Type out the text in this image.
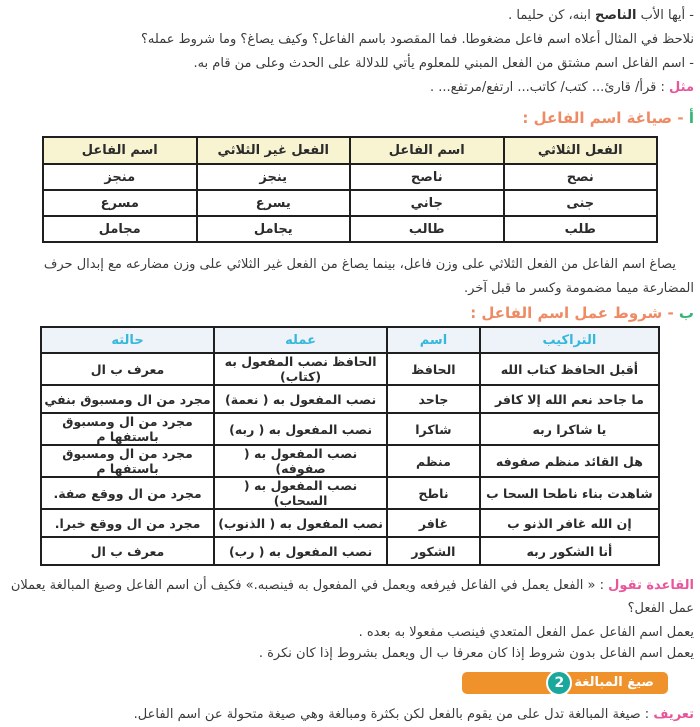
- أيها الأب الناصح ابنه، كن حليما .
نلاحظ في المثال أعلاه اسم فاعل مضغوطا. فما المقصود باسم الفاعل؟ وكيف يصاغ؟ وما شروط عمله؟
- اسم الفاعل اسم مشتق من الفعل المبني للمعلوم يأتي للدلالة على الحدث وعلى من قام به.
مثل : قرأ/ قارئ... كتب/ كاتب... ارتفع/مرتفع... .
أ - صياغة اسم الفاعل :
الفعل الثلاثي	اسم الفاعل	الفعل غير الثلاثي	اسم الفاعل
نصح	ناصح	ينجز	منجز
جنى	جاني	يسرع	مسرع
طلب	طالب	يجامل	مجامل
يصاغ اسم الفاعل من الفعل الثلاثي على وزن فاعل، بينما يصاغ من الفعل غير الثلاثي على وزن مضارعه مع إبدال حرف المضارعة ميما مضمومة وكسر ما قبل آخر.
ب - شروط عمل اسم الفاعل :
التراكيب	اسم	عمله	حالته
أقبل الحافظ كتاب الله	الحافظ	الحافظ نصب المفعول به (كتاب)	معرف ب ال
ما جاحد نعم الله إلا كافر	جاحد	نصب المفعول به ( نعمة)	مجرد من ال ومسبوق بنفي
يا شاكرا ربه	شاكرا	نصب المفعول به ( ربه)	مجرد من ال ومسبوق باستفها م
هل القائد منظم صفوفه	منظم	نصب المفعول به ( صفوفه)	مجرد من ال ومسبوق باستفها م
شاهدت بناء ناطحا السحا ب	ناطح	نصب المفعول به ( السحاب)	مجرد من ال ووقع صفة.
إن الله غافر الذنو ب	غافر	نصب المفعول به ( الذنوب)	مجرد من ال ووقع خبرا.
أنا الشكور ربه	الشكور	نصب المفعول به ( رب)	معرف ب ال
القاعدة تقول : « الفعل يعمل في الفاعل فيرفعه ويعمل في المفعول به فينصبه.» فكيف أن اسم الفاعل وصيغ المبالغة يعملان عمل الفعل؟
يعمل اسم الفاعل عمل الفعل المتعدي فينصب مفعولا به بعده .
يعمل اسم الفاعل بدون شروط إذا كان معرفا ب ال ويعمل بشروط إذا كان نكرة .
صيغ المبالغة
2
تعريف : صيغة المبالغة تدل على من يقوم بالفعل لكن بكثرة ومبالغة وهي صيغة متحولة عن اسم الفاعل.
